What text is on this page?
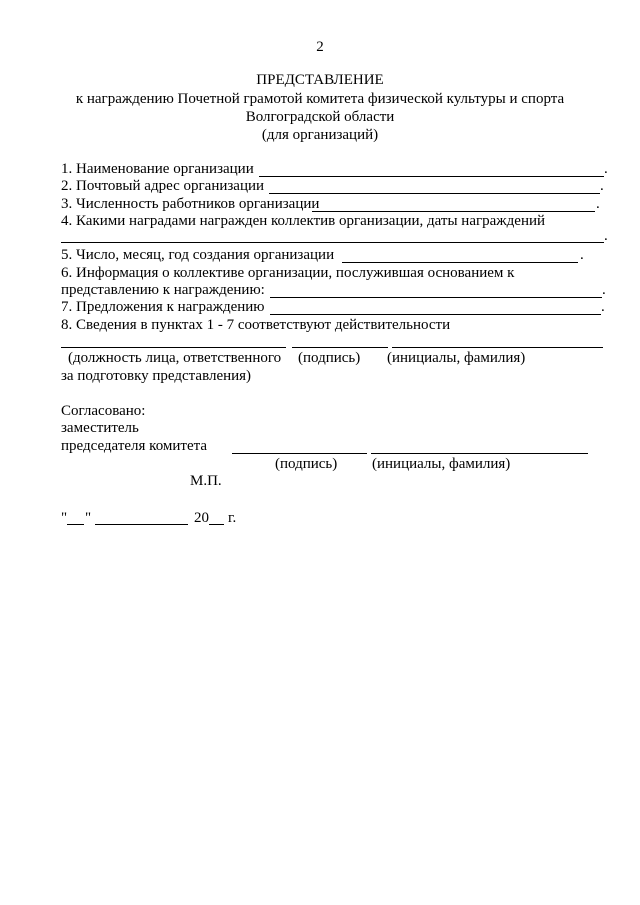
2
ПРЕДСТАВЛЕНИЕ
к награждению Почетной грамотой комитета физической культуры и спорта
Волгоградской области
(для организаций)
1. Наименование организации	.
2. Почтовый адрес организации	.
3. Численность работников организации	.
4. Какими наградами награжден коллектив организации, даты награждений
.
5. Число, месяц, год создания организации	.
6. Информация о коллективе организации, послужившая основанием к
представлению к награждению:	.
7. Предложения к награждению	.
8. Сведения в пунктах 1 - 7 соответствуют действительности
(должность лица, ответственного (подпись) (инициалы, фамилия)
за подготовку представления)
Согласовано:
заместитель
председателя комитета
(подпись) (инициалы, фамилия)
М.П.
" "	20 г.
